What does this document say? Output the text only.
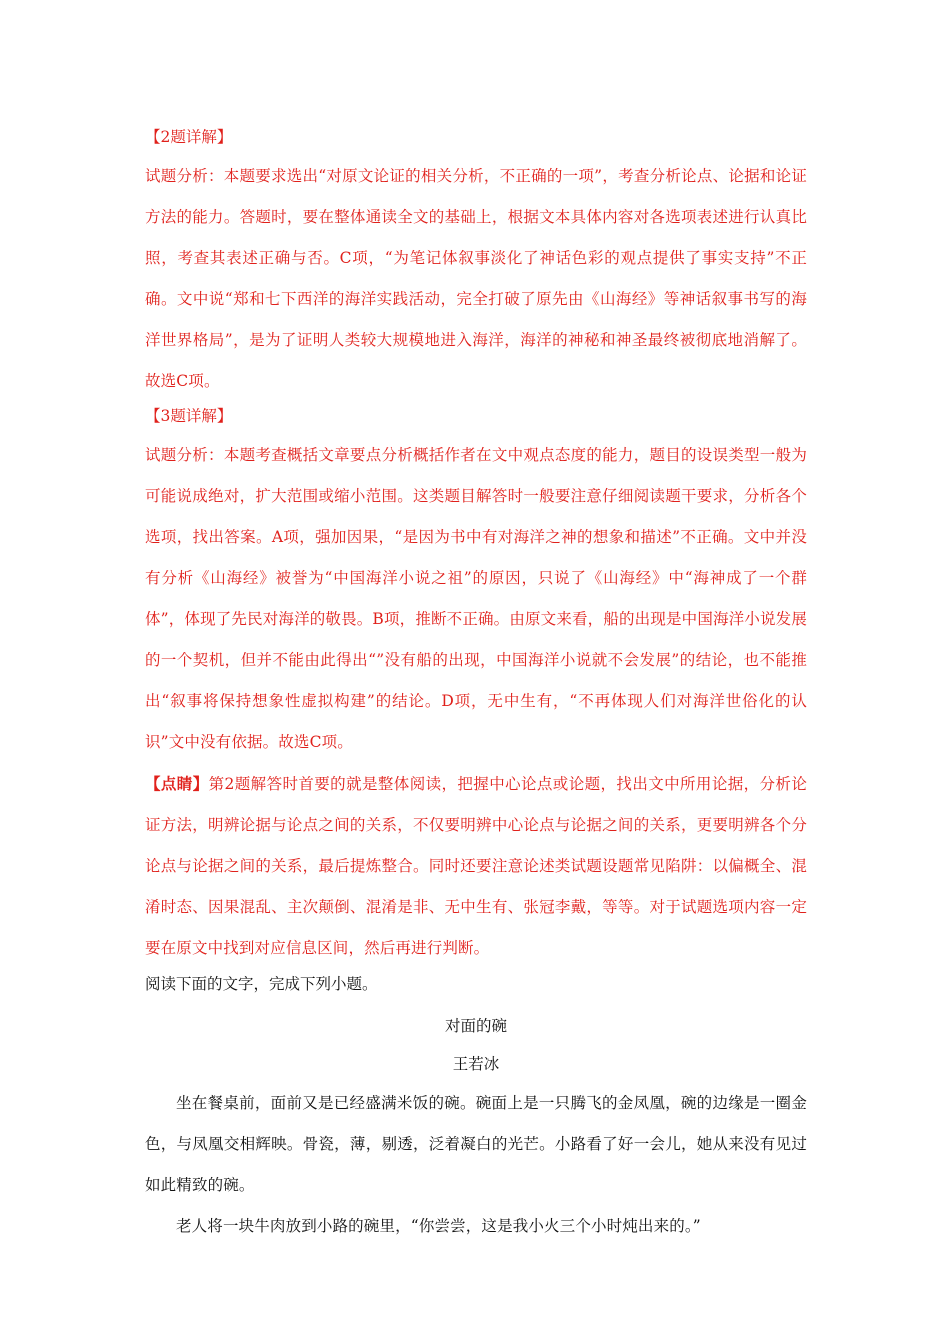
【2题详解】

试题分析：本题要求选出“对原文论证的相关分析，不正确的一项”，考查分析论点、论据和论证方法的能力。答题时，要在整体通读全文的基础上，根据文本具体内容对各选项表述进行认真比照，考查其表述正确与否。C项，“为笔记体叙事淡化了神话色彩的观点提供了事实支持”不正确。文中说“郑和七下西洋的海洋实践活动，完全打破了原先由《山海经》等神话叙事书写的海洋世界格局”，是为了证明人类较大规模地进入海洋，海洋的神秘和神圣最终被彻底地消解了。故选C项。

【3题详解】

试题分析：本题考查概括文章要点分析概括作者在文中观点态度的能力，题目的设误类型一般为可能说成绝对，扩大范围或缩小范围。这类题目解答时一般要注意仔细阅读题干要求，分析各个选项，找出答案。A项，强加因果，“是因为书中有对海洋之神的想象和描述”不正确。文中并没有分析《山海经》被誉为“中国海洋小说之祖”的原因，只说了《山海经》中“海神成了一个群体”，体现了先民对海洋的敬畏。B项，推断不正确。由原文来看，船的出现是中国海洋小说发展的一个契机，但并不能由此得出“”没有船的出现，中国海洋小说就不会发展”的结论，也不能推出“叙事将保持想象性虚拟构建”的结论。D项，无中生有，“不再体现人们对海洋世俗化的认识”文中没有依据。故选C项。

【点睛】第2题解答时首要的就是整体阅读，把握中心论点或论题，找出文中所用论据，分析论证方法，明辨论据与论点之间的关系，不仅要明辨中心论点与论据之间的关系，更要明辨各个分论点与论据之间的关系，最后提炼整合。同时还要注意论述类试题设题常见陷阱：以偏概全、混淆时态、因果混乱、主次颠倒、混淆是非、无中生有、张冠李戴，等等。对于试题选项内容一定要在原文中找到对应信息区间，然后再进行判断。

阅读下面的文字，完成下列小题。

对面的碗

王若冰

坐在餐桌前，面前又是已经盛满米饭的碗。碗面上是一只腾飞的金凤凰，碗的边缘是一圈金色，与凤凰交相辉映。骨瓷，薄，剔透，泛着凝白的光芒。小路看了好一会儿，她从来没有见过如此精致的碗。

老人将一块牛肉放到小路的碗里，“你尝尝，这是我小火三个小时炖出来的。”
